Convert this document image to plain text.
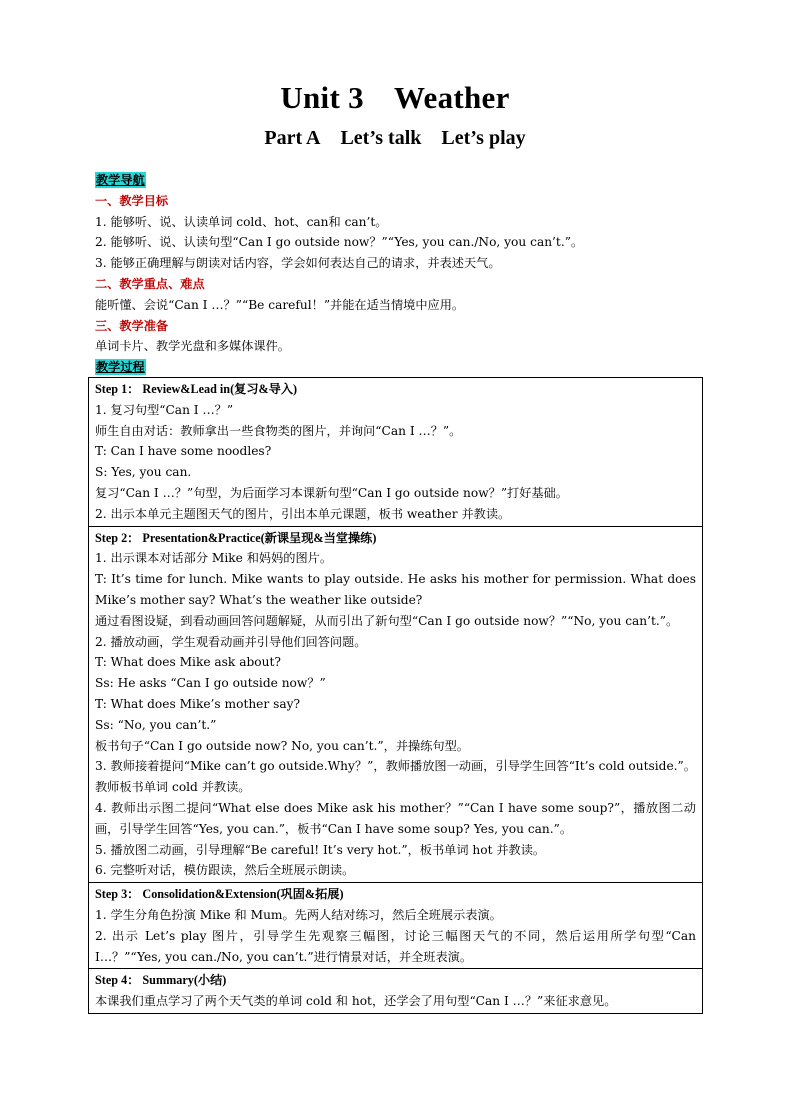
Unit 3 Weather
Part A Let’s talk Let’s play
教学导航
一、教学目标
1. 能够听、说、认读单词 cold、hot、can和 can’t。
2. 能够听、说、认读句型“Can I go outside now？”“Yes, you can./No, you can’t.”。
3. 能够正确理解与朗读对话内容，学会如何表达自己的请求，并表述天气。
二、教学重点、难点
能听懂、会说“Can I …？”“Be careful！”并能在适当情境中应用。
三、教学准备
单词卡片、教学光盘和多媒体课件。
教学过程
Step 1： Review&Lead in(复习&导入)
1. 复习句型“Can I …？”
师生自由对话：教师拿出一些食物类的图片，并询问“Can I …？”。
T: Can I have some noodles?
S: Yes, you can.
复习“Can I …？”句型，为后面学习本课新句型“Can I go outside now？”打好基础。
2. 出示本单元主题图天气的图片，引出本单元课题，板书 weather 并教读。

Step 2： Presentation&Practice(新课呈现&当堂操练)
1. 出示课本对话部分 Mike 和妈妈的图片。
T: It’s time for lunch. Mike wants to play outside. He asks his mother for permission. What does Mike’s mother say? What’s the weather like outside?
通过看图设疑，到看动画回答问题解疑，从而引出了新句型“Can I go outside now？”“No, you can’t.”。
2. 播放动画，学生观看动画并引导他们回答问题。
T: What does Mike ask about?
Ss: He asks “Can I go outside now？”
T: What does Mike’s mother say?
Ss: “No, you can’t.”
板书句子“Can I go outside now? No, you can’t.”，并操练句型。
3. 教师接着提问“Mike can’t go outside.Why？”，教师播放图一动画，引导学生回答“It’s cold outside.”。教师板书单词 cold 并教读。
4. 教师出示图二提问“What else does Mike ask his mother？”“Can I have some soup?”，播放图二动画，引导学生回答“Yes, you can.”，板书“Can I have some soup? Yes, you can.”。
5. 播放图二动画，引导理解“Be careful! It’s very hot.”，板书单词 hot 并教读。
6. 完整听对话，模仿跟读，然后全班展示朗读。

Step 3： Consolidation&Extension(巩固&拓展)
1. 学生分角色扮演 Mike 和 Mum。先两人结对练习，然后全班展示表演。
2. 出示 Let’s play 图片，引导学生先观察三幅图，讨论三幅图天气的不同，然后运用所学句型“Can I…？”“Yes, you can./No, you can’t.”进行情景对话，并全班表演。

Step 4： Summary(小结)
本课我们重点学习了两个天气类的单词 cold 和 hot，还学会了用句型“Can I …？”来征求意见。
